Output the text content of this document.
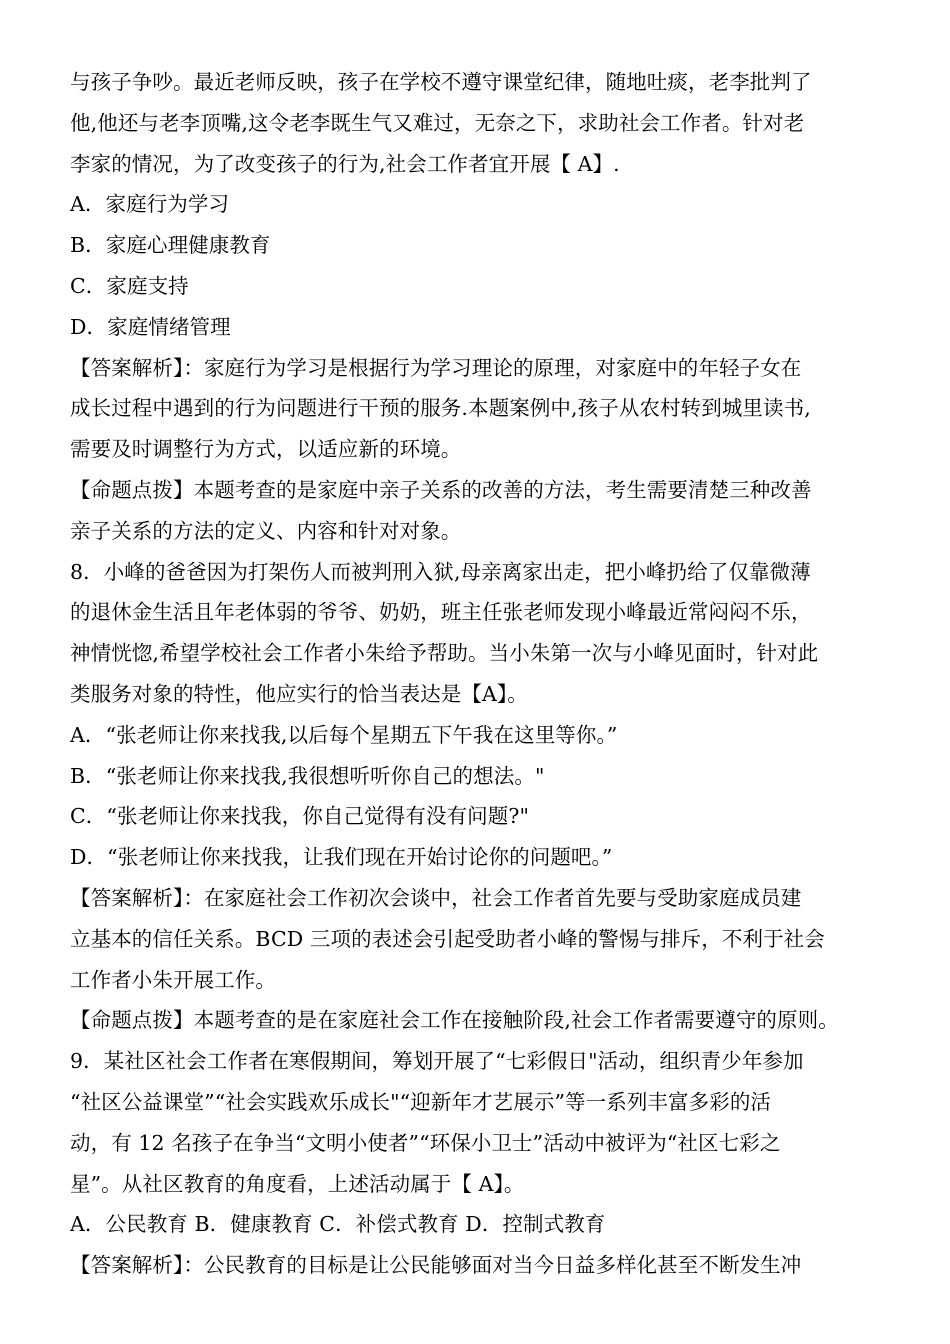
与孩子争吵。最近老师反映，孩子在学校不遵守课堂纪律，随地吐痰，老李批判了
他,他还与老李顶嘴,这令老李既生气又难过，无奈之下，求助社会工作者。针对老
李家的情况，为了改变孩子的行为,社会工作者宜开展【 A】.
A．家庭行为学习
B．家庭心理健康教育
C．家庭支持
D．家庭情绪管理
【答案解析】：家庭行为学习是根据行为学习理论的原理，对家庭中的年轻子女在
成长过程中遇到的行为问题进行干预的服务.本题案例中,孩子从农村转到城里读书,
需要及时调整行为方式，以适应新的环境。
【命题点拨】本题考查的是家庭中亲子关系的改善的方法，考生需要清楚三种改善
亲子关系的方法的定义、内容和针对对象。
8．小峰的爸爸因为打架伤人而被判刑入狱,母亲离家出走，把小峰扔给了仅靠微薄
的退休金生活且年老体弱的爷爷、奶奶，班主任张老师发现小峰最近常闷闷不乐，
神情恍惚,希望学校社会工作者小朱给予帮助。当小朱第一次与小峰见面时，针对此
类服务对象的特性，他应实行的恰当表达是【A】。
A．“张老师让你来找我,以后每个星期五下午我在这里等你。”
B．“张老师让你来找我,我很想听听你自己的想法。"
C．“张老师让你来找我，你自己觉得有没有问题?"
D．“张老师让你来找我，让我们现在开始讨论你的问题吧。”
【答案解析】：在家庭社会工作初次会谈中，社会工作者首先要与受助家庭成员建
立基本的信任关系。BCD 三项的表述会引起受助者小峰的警惕与排斥，不利于社会
工作者小朱开展工作。
【命题点拨】本题考查的是在家庭社会工作在接触阶段,社会工作者需要遵守的原则。
9．某社区社会工作者在寒假期间，筹划开展了“七彩假日"活动，组织青少年参加
“社区公益课堂”“社会实践欢乐成长"“迎新年才艺展示”等一系列丰富多彩的活
动，有 12 名孩子在争当“文明小使者”“环保小卫士”活动中被评为“社区七彩之
星”。从社区教育的角度看，上述活动属于【 A】。
A．公民教育 B．健康教育 C．补偿式教育 D．控制式教育
【答案解析】：公民教育的目标是让公民能够面对当今日益多样化甚至不断发生冲
